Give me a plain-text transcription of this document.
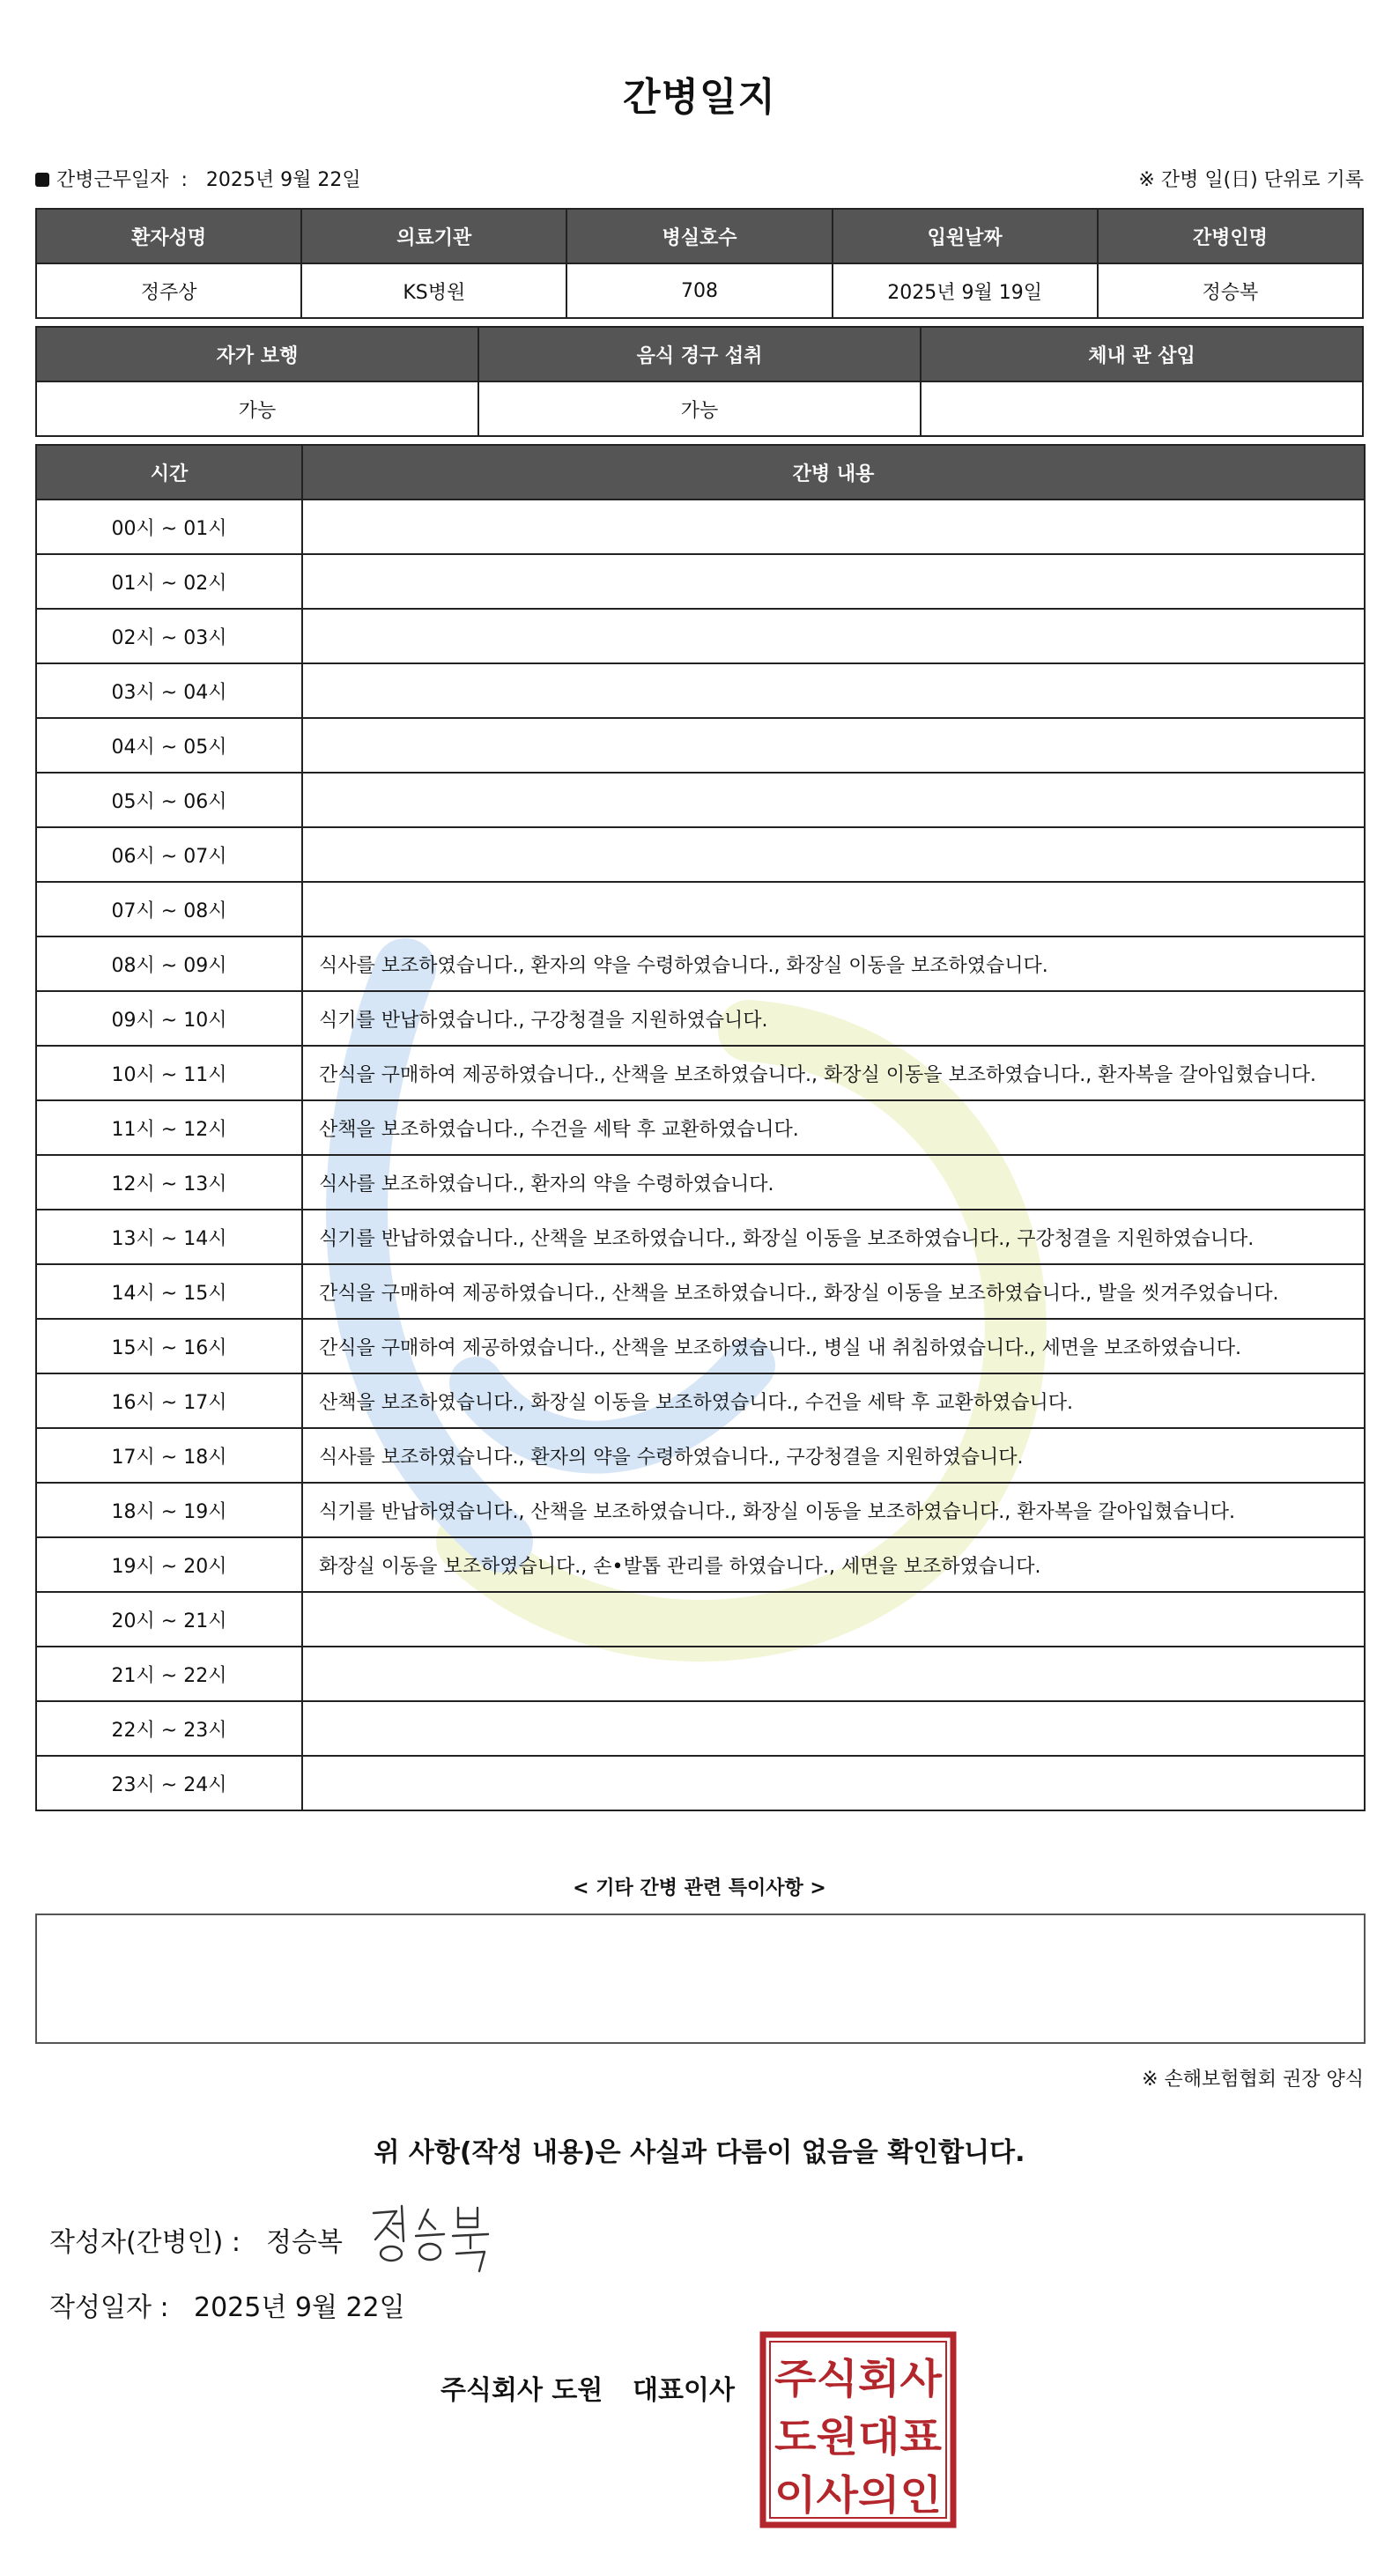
간병일지
간병근무일자 : 2025년 9월 22일	※ 간병 일(日) 단위로 기록
환자성명	의료기관	병실호수	입원날짜	간병인명
정주상	KS병원	708	2025년 9월 19일	정승복
자가 보행	음식 경구 섭취	체내 관 삽입
가능	가능	
시간	간병 내용
00시 ~ 01시	
01시 ~ 02시	
02시 ~ 03시	
03시 ~ 04시	
04시 ~ 05시	
05시 ~ 06시	
06시 ~ 07시	
07시 ~ 08시	
08시 ~ 09시	식사를 보조하였습니다., 환자의 약을 수령하였습니다., 화장실 이동을 보조하였습니다.
09시 ~ 10시	식기를 반납하였습니다., 구강청결을 지원하였습니다.
10시 ~ 11시	간식을 구매하여 제공하였습니다., 산책을 보조하였습니다., 화장실 이동을 보조하였습니다., 환자복을 갈아입혔습니다.
11시 ~ 12시	산책을 보조하였습니다., 수건을 세탁 후 교환하였습니다.
12시 ~ 13시	식사를 보조하였습니다., 환자의 약을 수령하였습니다.
13시 ~ 14시	식기를 반납하였습니다., 산책을 보조하였습니다., 화장실 이동을 보조하였습니다., 구강청결을 지원하였습니다.
14시 ~ 15시	간식을 구매하여 제공하였습니다., 산책을 보조하였습니다., 화장실 이동을 보조하였습니다., 발을 씻겨주었습니다.
15시 ~ 16시	간식을 구매하여 제공하였습니다., 산책을 보조하였습니다., 병실 내 취침하였습니다., 세면을 보조하였습니다.
16시 ~ 17시	산책을 보조하였습니다., 화장실 이동을 보조하였습니다., 수건을 세탁 후 교환하였습니다.
17시 ~ 18시	식사를 보조하였습니다., 환자의 약을 수령하였습니다., 구강청결을 지원하였습니다.
18시 ~ 19시	식기를 반납하였습니다., 산책을 보조하였습니다., 화장실 이동을 보조하였습니다., 환자복을 갈아입혔습니다.
19시 ~ 20시	화장실 이동을 보조하였습니다., 손•발톱 관리를 하였습니다., 세면을 보조하였습니다.
20시 ~ 21시	
21시 ~ 22시	
22시 ~ 23시	
23시 ~ 24시	
< 기타 간병 관련 특이사항 >
※ 손해보험협회 권장 양식
위 사항(작성 내용)은 사실과 다름이 없음을 확인합니다.
작성자(간병인) : 정승복
작성일자 : 2025년 9월 22일
주식회사 도원 대표이사 주식회사
도원대표
이사의인
